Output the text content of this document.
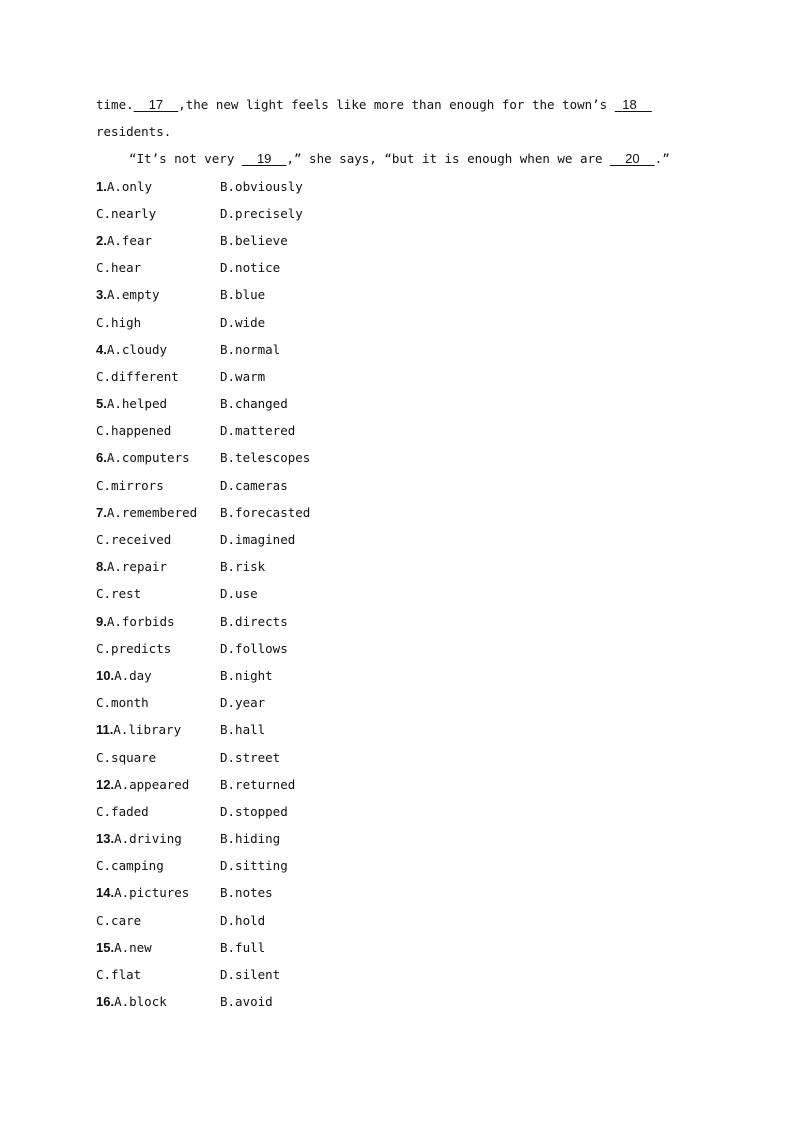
time. 17 ,the new light feels like more than enough for the town’s  18
residents.
“It’s not very   19 ,” she says, “but it is enough when we are   20 .”
1.A.only	B.obviously
C.nearly	D.precisely
2.A.fear	B.believe
C.hear	D.notice
3.A.empty	B.blue
C.high	D.wide
4.A.cloudy	B.normal
C.different	D.warm
5.A.helped	B.changed
C.happened	D.mattered
6.A.computers B.telescopes
C.mirrors	D.cameras
7.A.remembered B.forecasted
C.received	D.imagined
8.A.repair	B.risk
C.rest	D.use
9.A.forbids	B.directs
C.predicts	D.follows
10.A.day	B.night
C.month	D.year
11.A.library	B.hall
C.square	D.street
12.A.appeared B.returned
C.faded	D.stopped
13.A.driving	B.hiding
C.camping	D.sitting
14.A.pictures B.notes
C.care	D.hold
15.A.new	B.full
C.flat	D.silent
16.A.block	B.avoid
